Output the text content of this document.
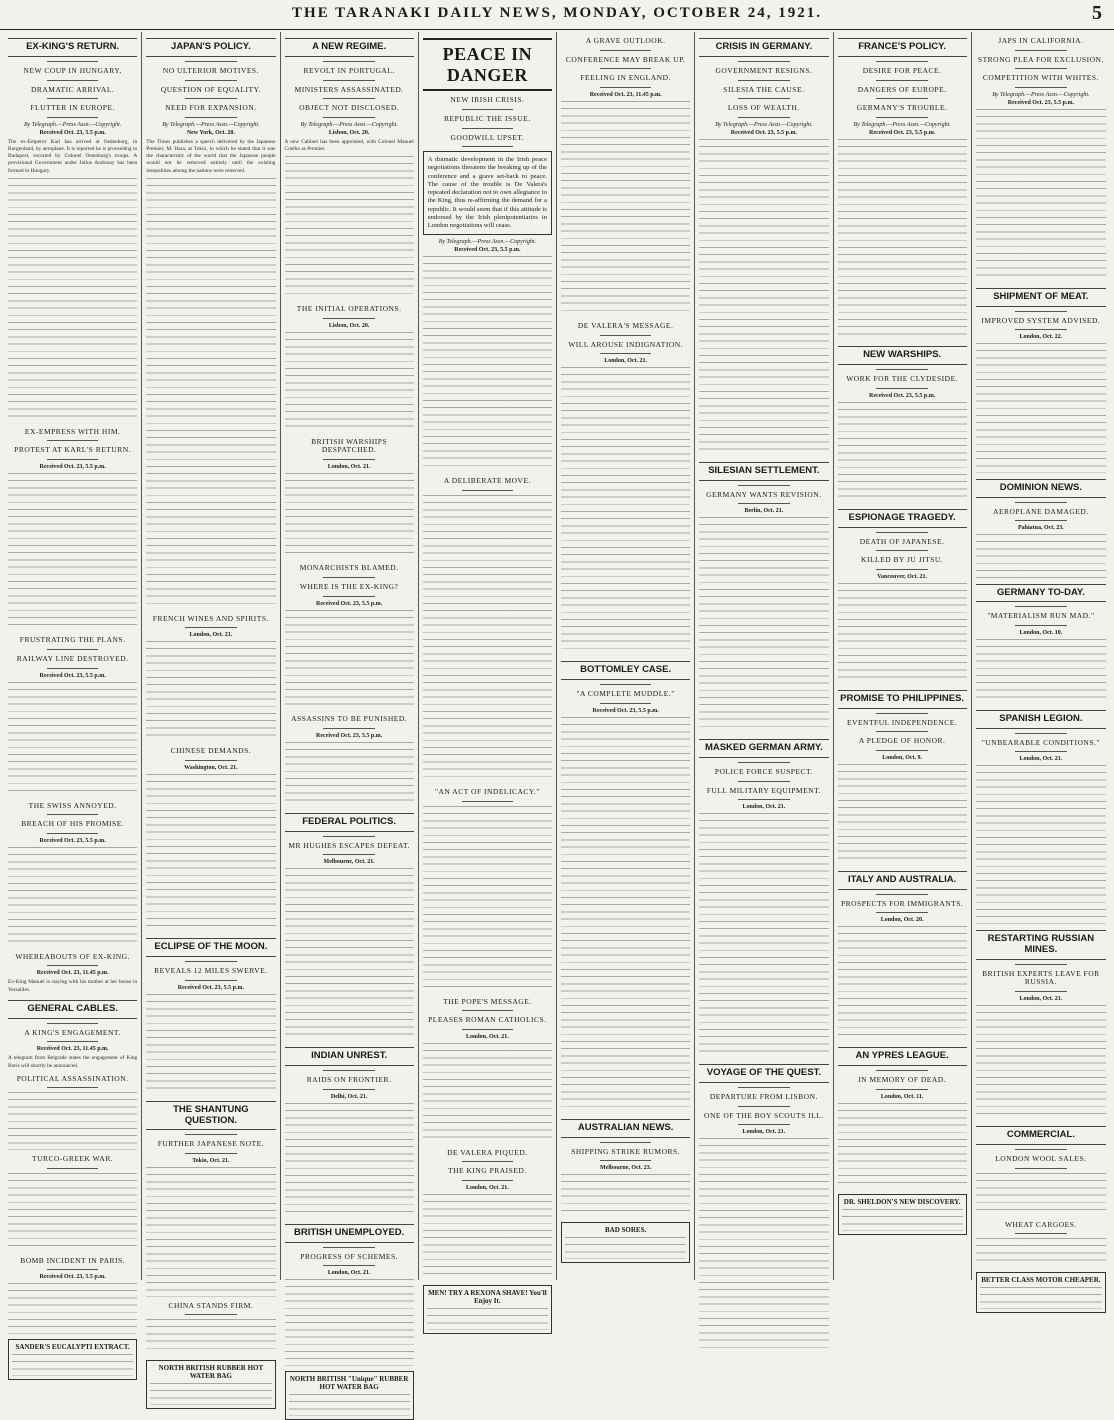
THE TARANAKI DAILY NEWS, MONDAY, OCTOBER 24, 1921.	5
EX-KING'S RETURN.
NEW COUP IN HUNGARY,
DRAMATIC ARRIVAL.
FLUTTER IN EUROPE.
By Telegraph.—Press Assn.—Copyright.
Received Oct. 23, 5.5 p.m.
The ex-Emperor Karl has arrived at Oedenburg, in Burgenland, by aeroplane. It is reported he is proceeding to Budapest, escorted by Colonel Ostenburg's troops. A provisional Government under Julius Andrassy has been formed in Hungary.
EX-EMPRESS WITH HIM.
PROTEST AT KARL'S RETURN.
Received Oct. 23, 5.5 p.m.
FRUSTRATING THE PLANS.
RAILWAY LINE DESTROYED.
Received Oct. 23, 5.5 p.m.
THE SWISS ANNOYED.
BREACH OF HIS PROMISE.
Received Oct. 23, 5.5 p.m.
WHEREABOUTS OF EX-KING.
Received Oct. 23, 11.45 p.m.
Ex-King Manuel is staying with his mother at her house in Versailles.
GENERAL CABLES.
A KING'S ENGAGEMENT.
Received Oct. 23, 11.45 p.m.
A telegram from Belgrade states the engagement of King Boris will shortly be announced.
POLITICAL ASSASSINATION.
TURCO-GREEK WAR.
BOMB INCIDENT IN PARIS.
Received Oct. 23, 5.5 p.m.
SANDER'S EUCALYPTI EXTRACT.
JAPAN'S POLICY.
NO ULTERIOR MOTIVES.
QUESTION OF EQUALITY.
NEED FOR EXPANSION.
By Telegraph.—Press Assn.—Copyright.
New York, Oct. 20.
The Times publishes a speech delivered by the Japanese Premier, M. Hara, at Tokio, in which he stated that it was the characteristic of the world that the Japanese people would not be removed entirely until the existing inequalities among the nations were removed.
FRENCH WINES AND SPIRITS.
London, Oct. 21.
CHINESE DEMANDS.
Washington, Oct. 21.
ECLIPSE OF THE MOON.
REVEALS 12 MILES SWERVE.
Received Oct. 23, 5.5 p.m.
THE SHANTUNG QUESTION.
FURTHER JAPANESE NOTE.
Tokio, Oct. 21.
CHINA STANDS FIRM.
NORTH BRITISH RUBBER HOT WATER BAG
A NEW REGIME.
REVOLT IN PORTUGAL.
MINISTERS ASSASSINATED.
OBJECT NOT DISCLOSED.
By Telegraph.—Press Assn.—Copyright.
Lisbon, Oct. 20.
A new Cabinet has been appointed, with Colonel Manuel Coelho as Premier.
THE INITIAL OPERATIONS.
Lisbon, Oct. 20.
BRITISH WARSHIPS DESPATCHED.
London, Oct. 21.
MONARCHISTS BLAMED.
WHERE IS THE EX-KING?
Received Oct. 23, 5.5 p.m.
ASSASSINS TO BE PUNISHED.
Received Oct. 23, 5.5 p.m.
FEDERAL POLITICS.
MR HUGHES ESCAPES DEFEAT.
Melbourne, Oct. 21.
INDIAN UNREST.
RAIDS ON FRONTIER.
Delhi, Oct. 21.
BRITISH UNEMPLOYED.
PROGRESS OF SCHEMES.
London, Oct. 21.
NORTH BRITISH "Unique" RUBBER HOT WATER BAG
PEACE IN DANGER
NEW IRISH CRISIS.
REPUBLIC THE ISSUE.
GOODWILL UPSET.
A dramatic development in the Irish peace negotiations threatens the breaking up of the conference and a grave set-back to peace. The cause of the trouble is De Valera's repeated declaration not to own allegiance to the King, thus re-affirming the demand for a republic. It would seem that if this attitude is endorsed by the Irish plenipotentiaries in London negotiations will cease.
By Telegraph.—Press Assn.—Copyright.
Received Oct. 23, 5.5 p.m.
A DELIBERATE MOVE.
"AN ACT OF INDELICACY."
THE POPE'S MESSAGE.
PLEASES ROMAN CATHOLICS.
London, Oct. 21.
DE VALERA PIQUED.
THE KING PRAISED.
London, Oct. 21.
MEN! TRY A REXONA SHAVE! You'll Enjoy It.
A GRAVE OUTLOOK.
CONFERENCE MAY BREAK UP.
FEELING IN ENGLAND.
Received Oct. 23, 11.45 p.m.
DE VALERA'S MESSAGE.
WILL AROUSE INDIGNATION.
London, Oct. 21.
BOTTOMLEY CASE.
"A COMPLETE MUDDLE."
Received Oct. 23, 5.5 p.m.
AUSTRALIAN NEWS.
SHIPPING STRIKE RUMORS.
Melbourne, Oct. 23.
BAD SORES.
CRISIS IN GERMANY.
GOVERNMENT RESIGNS.
SILESIA THE CAUSE.
LOSS OF WEALTH.
By Telegraph.—Press Assn.—Copyright.
Received Oct. 23, 5.5 p.m.
SILESIAN SETTLEMENT.
GERMANY WANTS REVISION.
Berlin, Oct. 21.
MASKED GERMAN ARMY.
POLICE FORCE SUSPECT.
FULL MILITARY EQUIPMENT.
London, Oct. 21.
VOYAGE OF THE QUEST.
DEPARTURE FROM LISBON.
ONE OF THE BOY SCOUTS ILL.
London, Oct. 21.
FRANCE'S POLICY.
DESIRE FOR PEACE.
DANGERS OF EUROPE.
GERMANY'S TROUBLE.
By Telegraph.—Press Assn.—Copyright.
Received Oct. 23, 5.5 p.m.
NEW WARSHIPS.
WORK FOR THE CLYDESIDE.
Received Oct. 23, 5.5 p.m.
ESPIONAGE TRAGEDY.
DEATH OF JAPANESE.
KILLED BY JU JITSU.
Vancouver, Oct. 21.
PROMISE TO PHILIPPINES.
EVENTFUL INDEPENDENCE.
A PLEDGE OF HONOR.
London, Oct. 9.
ITALY AND AUSTRALIA.
PROSPECTS FOR IMMIGRANTS.
London, Oct. 20.
AN YPRES LEAGUE.
IN MEMORY OF DEAD.
London, Oct. 11.
DR. SHELDON'S NEW DISCOVERY.
JAPS IN CALIFORNIA.
STRONG PLEA FOR EXCLUSION.
COMPETITION WITH WHITES.
By Telegraph.—Press Assn.—Copyright.
Received Oct. 23, 5.5 p.m.
SHIPMENT OF MEAT.
IMPROVED SYSTEM ADVISED.
London, Oct. 22.
DOMINION NEWS.
AEROPLANE DAMAGED.
Pahiatua, Oct. 23.
GERMANY TO-DAY.
"MATERIALISM RUN MAD."
London, Oct. 10.
SPANISH LEGION.
"UNBEARABLE CONDITIONS."
London, Oct. 21.
RESTARTING RUSSIAN MINES.
BRITISH EXPERTS LEAVE FOR RUSSIA.
London, Oct. 21.
COMMERCIAL.
LONDON WOOL SALES.
WHEAT CARGOES.
BETTER CLASS MOTOR CHEAPER.
